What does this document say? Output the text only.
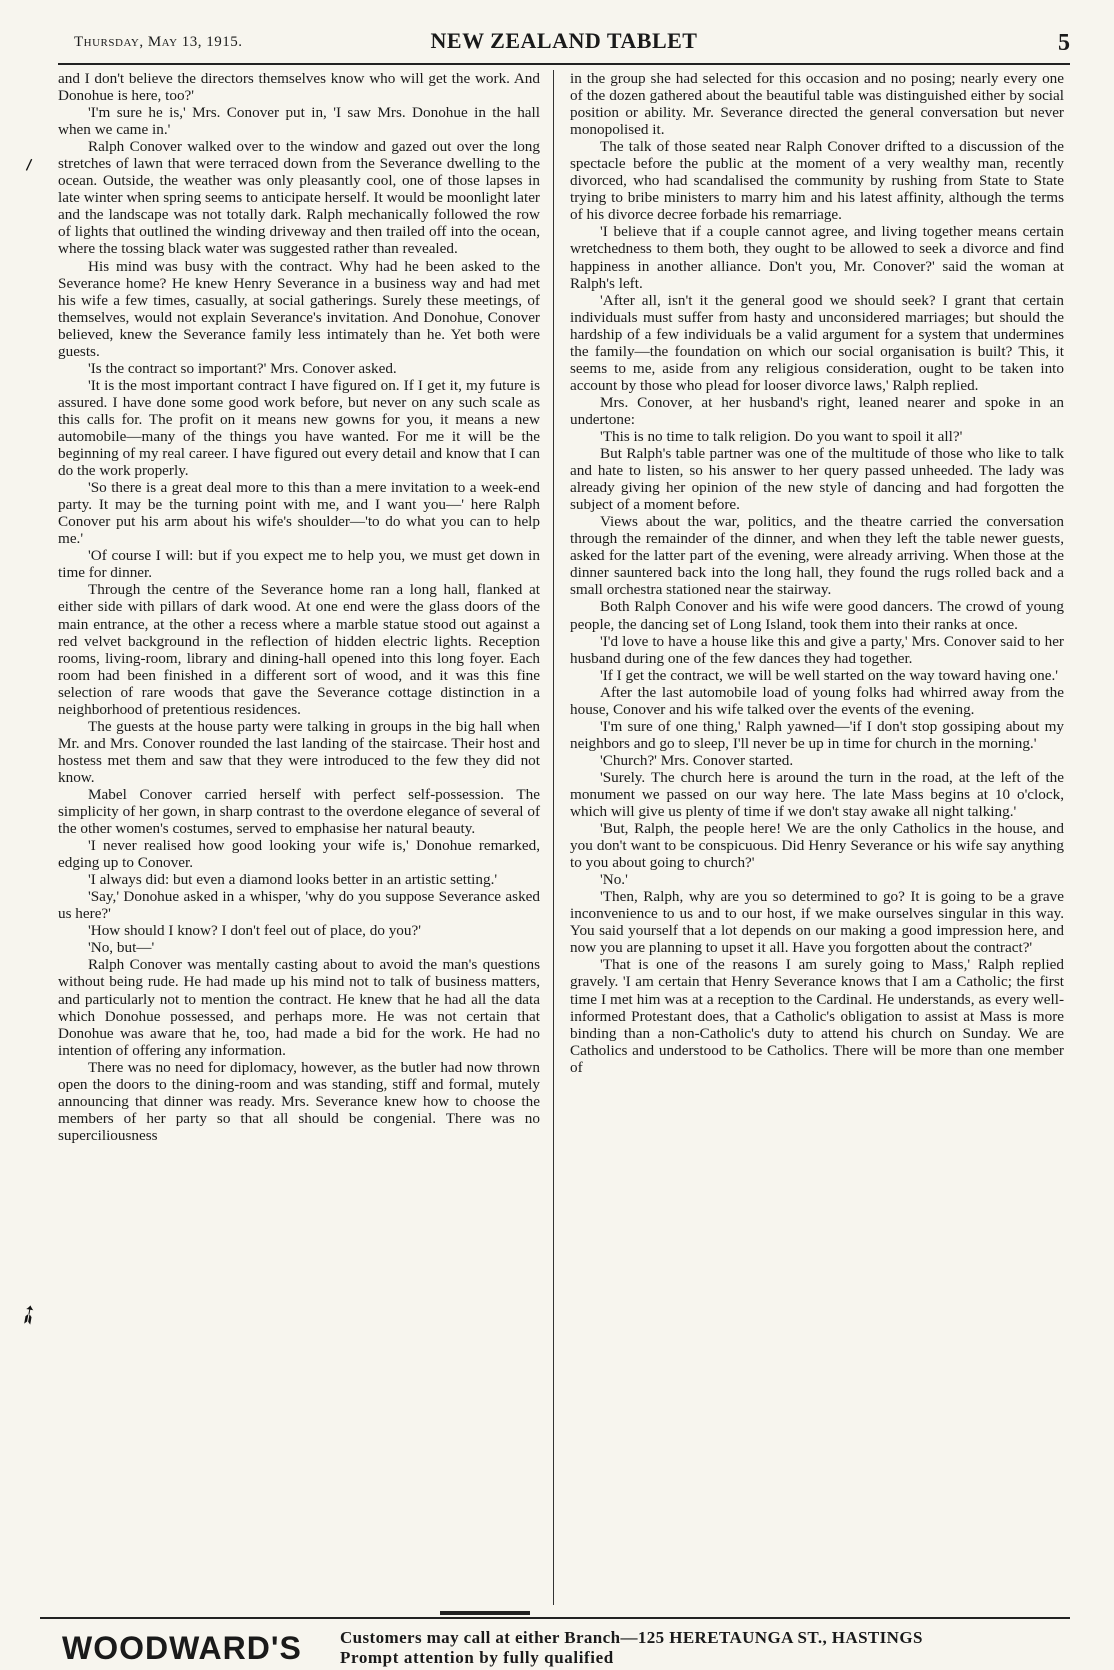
Thursday, May 13, 1915.	NEW ZEALAND TABLET	5
⸝
➶

and I don't believe the directors themselves know who will get the work. And Donohue is here, too?'

'I'm sure he is,' Mrs. Conover put in, 'I saw Mrs. Donohue in the hall when we came in.'

Ralph Conover walked over to the window and gazed out over the long stretches of lawn that were terraced down from the Severance dwelling to the ocean. Outside, the weather was only pleasantly cool, one of those lapses in late winter when spring seems to anticipate herself. It would be moonlight later and the landscape was not totally dark. Ralph mechanically followed the row of lights that outlined the winding driveway and then trailed off into the ocean, where the tossing black water was suggested rather than revealed.

His mind was busy with the contract. Why had he been asked to the Severance home? He knew Henry Severance in a business way and had met his wife a few times, casually, at social gatherings. Surely these meetings, of themselves, would not explain Severance's invitation. And Donohue, Conover believed, knew the Severance family less intimately than he. Yet both were guests.

'Is the contract so important?' Mrs. Conover asked.

'It is the most important contract I have figured on. If I get it, my future is assured. I have done some good work before, but never on any such scale as this calls for. The profit on it means new gowns for you, it means a new automobile—many of the things you have wanted. For me it will be the beginning of my real career. I have figured out every detail and know that I can do the work properly.

'So there is a great deal more to this than a mere invitation to a week-end party. It may be the turning point with me, and I want you—' here Ralph Conover put his arm about his wife's shoulder—'to do what you can to help me.'

'Of course I will: but if you expect me to help you, we must get down in time for dinner.

Through the centre of the Severance home ran a long hall, flanked at either side with pillars of dark wood. At one end were the glass doors of the main entrance, at the other a recess where a marble statue stood out against a red velvet background in the reflection of hidden electric lights. Reception rooms, living-room, library and dining-hall opened into this long foyer. Each room had been finished in a different sort of wood, and it was this fine selection of rare woods that gave the Severance cottage distinction in a neighborhood of pretentious residences.

The guests at the house party were talking in groups in the big hall when Mr. and Mrs. Conover rounded the last landing of the staircase. Their host and hostess met them and saw that they were introduced to the few they did not know.

Mabel Conover carried herself with perfect self-possession. The simplicity of her gown, in sharp contrast to the overdone elegance of several of the other women's costumes, served to emphasise her natural beauty.

'I never realised how good looking your wife is,' Donohue remarked, edging up to Conover.

'I always did: but even a diamond looks better in an artistic setting.'

'Say,' Donohue asked in a whisper, 'why do you suppose Severance asked us here?'

'How should I know? I don't feel out of place, do you?'

'No, but—'

Ralph Conover was mentally casting about to avoid the man's questions without being rude. He had made up his mind not to talk of business matters, and particularly not to mention the contract. He knew that he had all the data which Donohue possessed, and perhaps more. He was not certain that Donohue was aware that he, too, had made a bid for the work. He had no intention of offering any information.

There was no need for diplomacy, however, as the butler had now thrown open the doors to the dining-room and was standing, stiff and formal, mutely announcing that dinner was ready. Mrs. Severance knew how to choose the members of her party so that all should be congenial. There was no superciliousness

in the group she had selected for this occasion and no posing; nearly every one of the dozen gathered about the beautiful table was distinguished either by social position or ability. Mr. Severance directed the general conversation but never monopolised it.

The talk of those seated near Ralph Conover drifted to a discussion of the spectacle before the public at the moment of a very wealthy man, recently divorced, who had scandalised the community by rushing from State to State trying to bribe ministers to marry him and his latest affinity, although the terms of his divorce decree forbade his remarriage.

'I believe that if a couple cannot agree, and living together means certain wretchedness to them both, they ought to be allowed to seek a divorce and find happiness in another alliance. Don't you, Mr. Conover?' said the woman at Ralph's left.

'After all, isn't it the general good we should seek? I grant that certain individuals must suffer from hasty and unconsidered marriages; but should the hardship of a few individuals be a valid argument for a system that undermines the family—the foundation on which our social organisation is built? This, it seems to me, aside from any religious consideration, ought to be taken into account by those who plead for looser divorce laws,' Ralph replied.

Mrs. Conover, at her husband's right, leaned nearer and spoke in an undertone:

'This is no time to talk religion. Do you want to spoil it all?'

But Ralph's table partner was one of the multitude of those who like to talk and hate to listen, so his answer to her query passed unheeded. The lady was already giving her opinion of the new style of dancing and had forgotten the subject of a moment before.

Views about the war, politics, and the theatre carried the conversation through the remainder of the dinner, and when they left the table newer guests, asked for the latter part of the evening, were already arriving. When those at the dinner sauntered back into the long hall, they found the rugs rolled back and a small orchestra stationed near the stairway.

Both Ralph Conover and his wife were good dancers. The crowd of young people, the dancing set of Long Island, took them into their ranks at once.

'I'd love to have a house like this and give a party,' Mrs. Conover said to her husband during one of the few dances they had together.

'If I get the contract, we will be well started on the way toward having one.'

After the last automobile load of young folks had whirred away from the house, Conover and his wife talked over the events of the evening.

'I'm sure of one thing,' Ralph yawned—'if I don't stop gossiping about my neighbors and go to sleep, I'll never be up in time for church in the morning.'

'Church?' Mrs. Conover started.

'Surely. The church here is around the turn in the road, at the left of the monument we passed on our way here. The late Mass begins at 10 o'clock, which will give us plenty of time if we don't stay awake all night talking.'

'But, Ralph, the people here! We are the only Catholics in the house, and you don't want to be conspicuous. Did Henry Severance or his wife say anything to you about going to church?'

'No.'

'Then, Ralph, why are you so determined to go? It is going to be a grave inconvenience to us and to our host, if we make ourselves singular in this way. You said yourself that a lot depends on our making a good impression here, and now you are planning to upset it all. Have you forgotten about the contract?'

'That is one of the reasons I am surely going to Mass,' Ralph replied gravely. 'I am certain that Henry Severance knows that I am a Catholic; the first time I met him was at a reception to the Cardinal. He understands, as every well-informed Protestant does, that a Catholic's obligation to assist at Mass is more binding than a non-Catholic's duty to attend his church on Sunday. We are Catholics and understood to be Catholics. There will be more than one member of

WOODWARD'S Customers may call at either Branch—125 HERETAUNGA ST., HASTINGS
Prompt attention by fully qualified
